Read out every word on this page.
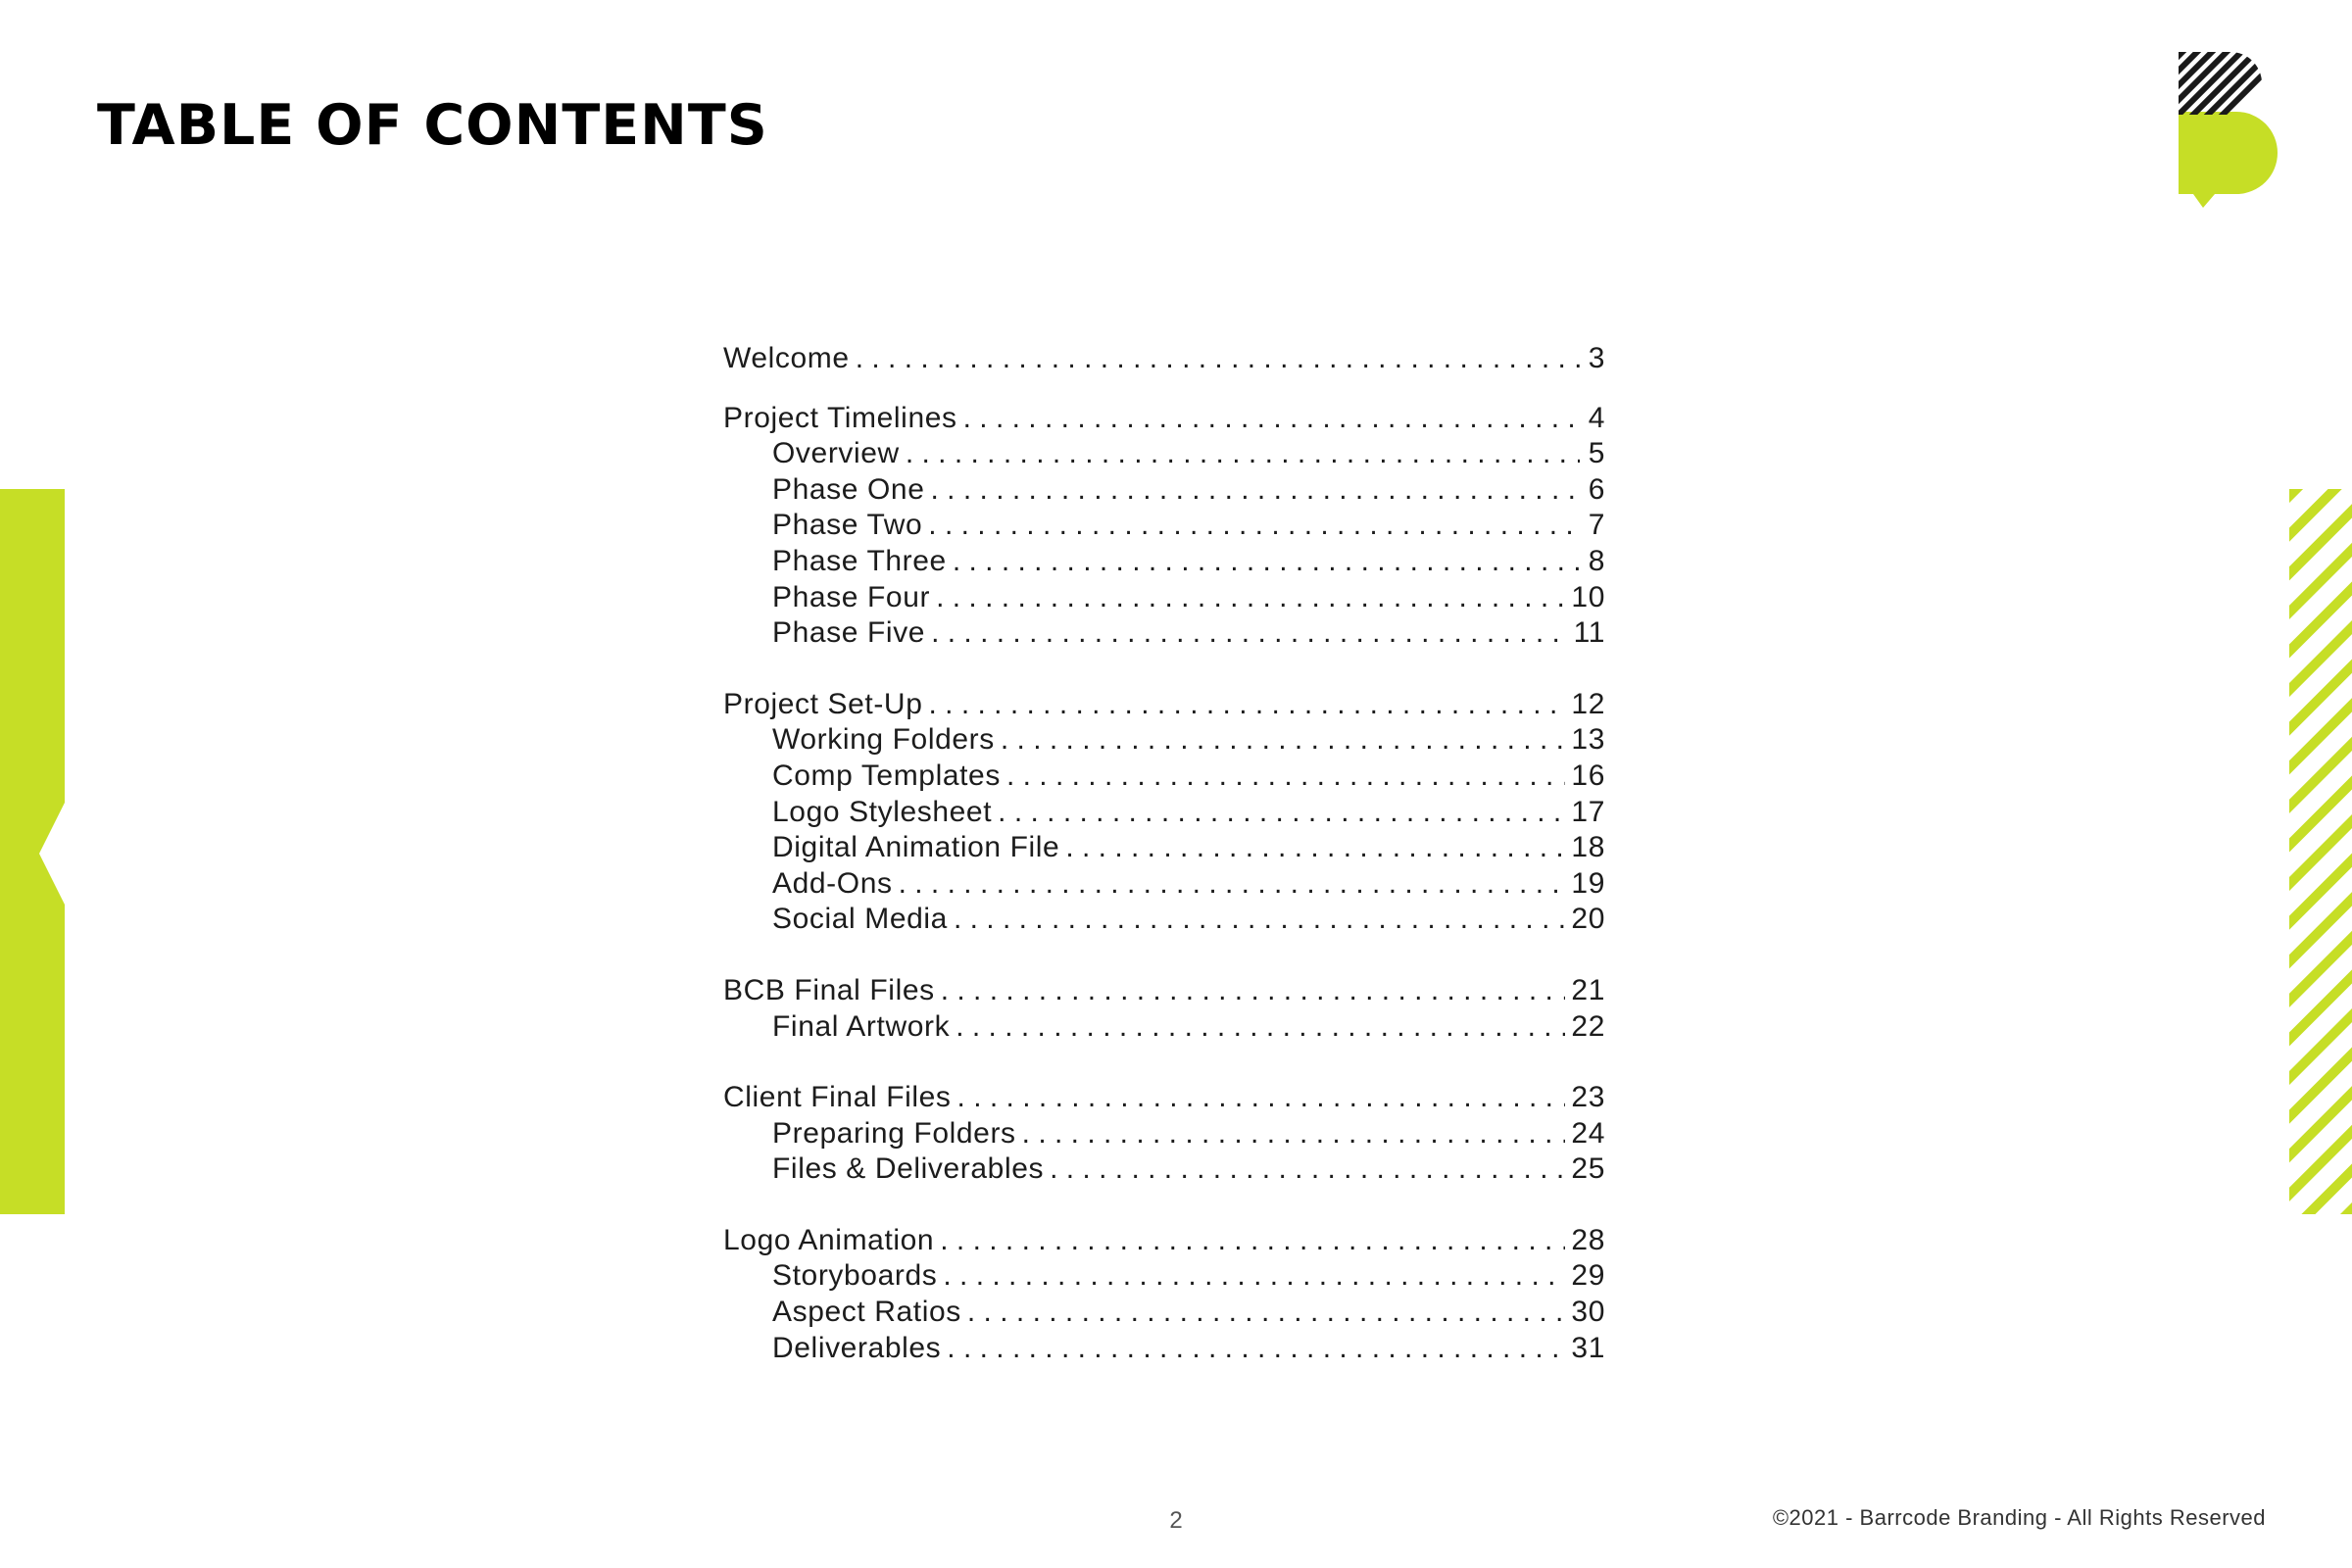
TABLE OF CONTENTS
Welcome . . .	3
Project Timelines . . .	4
Overview . . .	5
Phase One . . .	6
Phase Two . . .	7
Phase Three . . .	8
Phase Four . . .	10
Phase Five . . .	11
Project Set-Up . . .	12
Working Folders . . .	13
Comp Templates . . .	16
Logo Stylesheet . . .	17
Digital Animation File . . .	18
Add-Ons . . .	19
Social Media . . .	20
BCB Final Files . . .	21
Final Artwork . . .	22
Client Final Files . . .	23
Preparing Folders . . .	24
Files & Deliverables . . .	25
Logo Animation . . .	28
Storyboards . . .	29
Aspect Ratios . . .	30
Deliverables . . .	31
2	©2021 - Barrcode Branding - All Rights Reserved
